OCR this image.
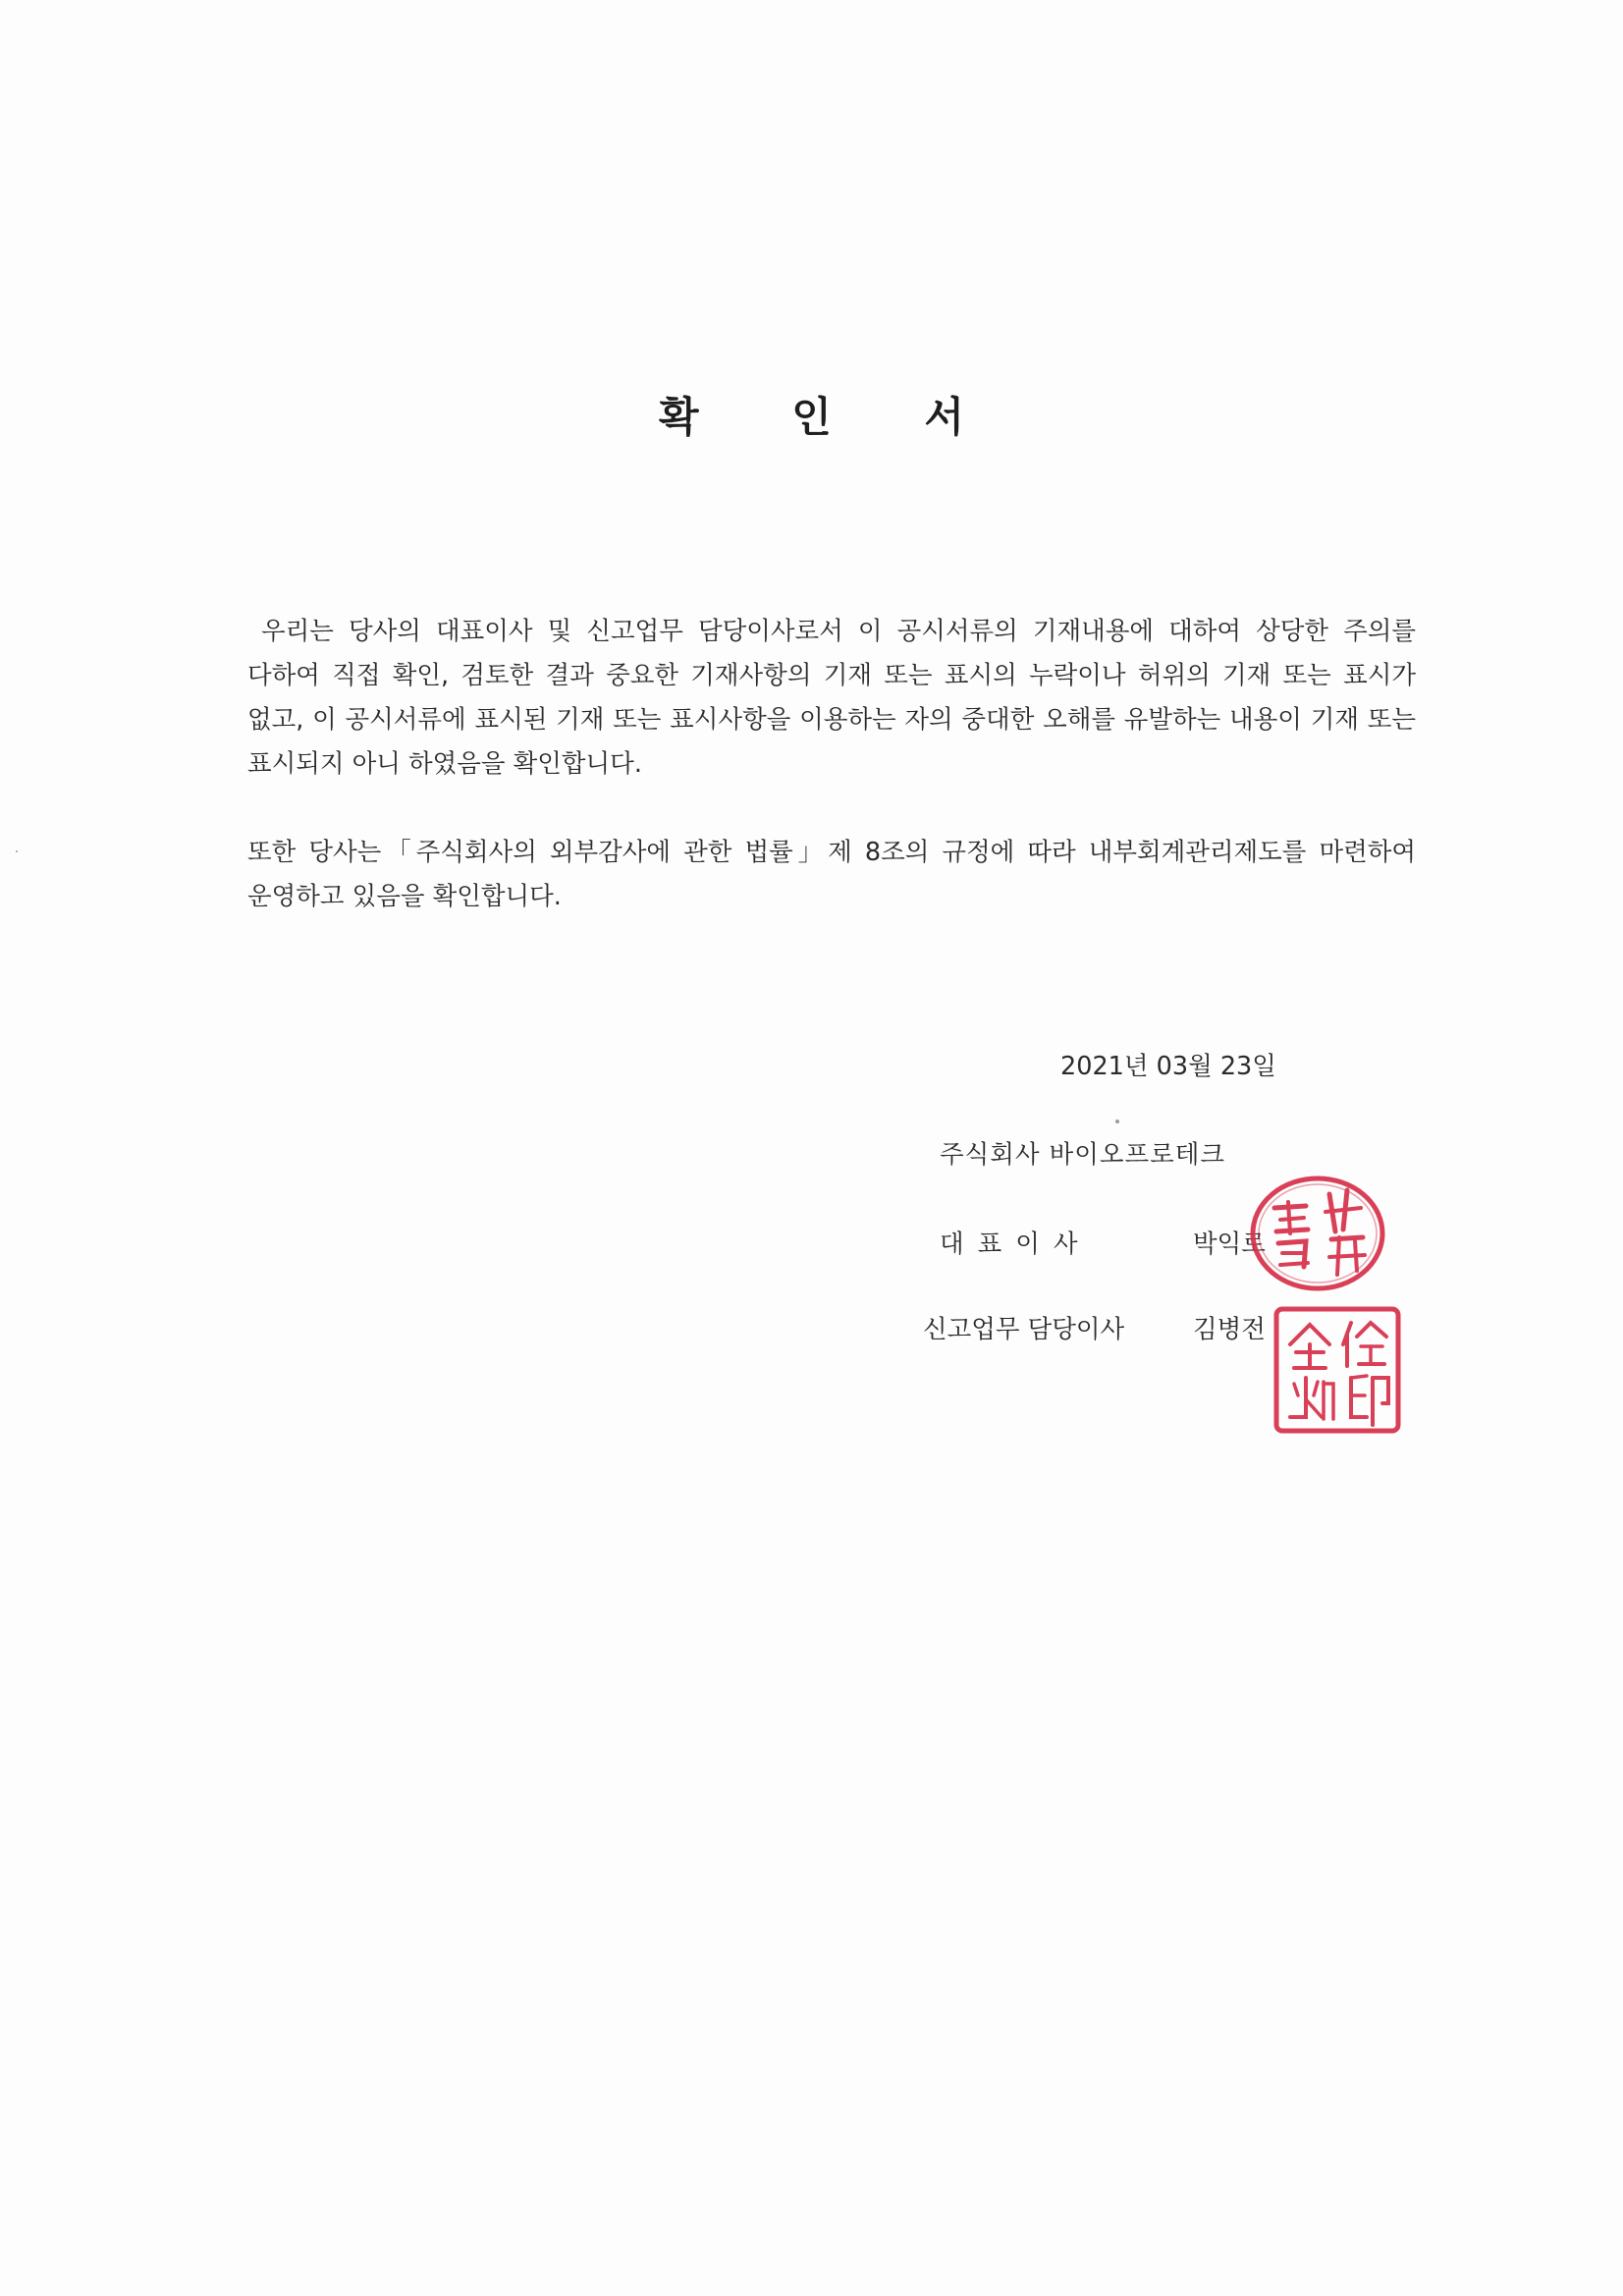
확 인 서
우리는 당사의 대표이사 및 신고업무 담당이사로서 이 공시서류의 기재내용에 대하여 상당한 주의를 다하여 직접 확인, 검토한 결과 중요한 기재사항의 기재 또는 표시의 누락이나 허위의 기재 또는 표시가 없고, 이 공시서류에 표시된 기재 또는 표시사항을 이용하는 자의 중대한 오해를 유발하는 내용이 기재 또는 표시되지 아니 하였음을 확인합니다.
또한 당사는「주식회사의 외부감사에 관한 법률」제 8조의 규정에 따라 내부회계관리제도를 마련하여 운영하고 있음을 확인합니다.
2021년 03월 23일
주식회사 바이오프로테크
대표이사	박익로
신고업무 담당이사	김병전
